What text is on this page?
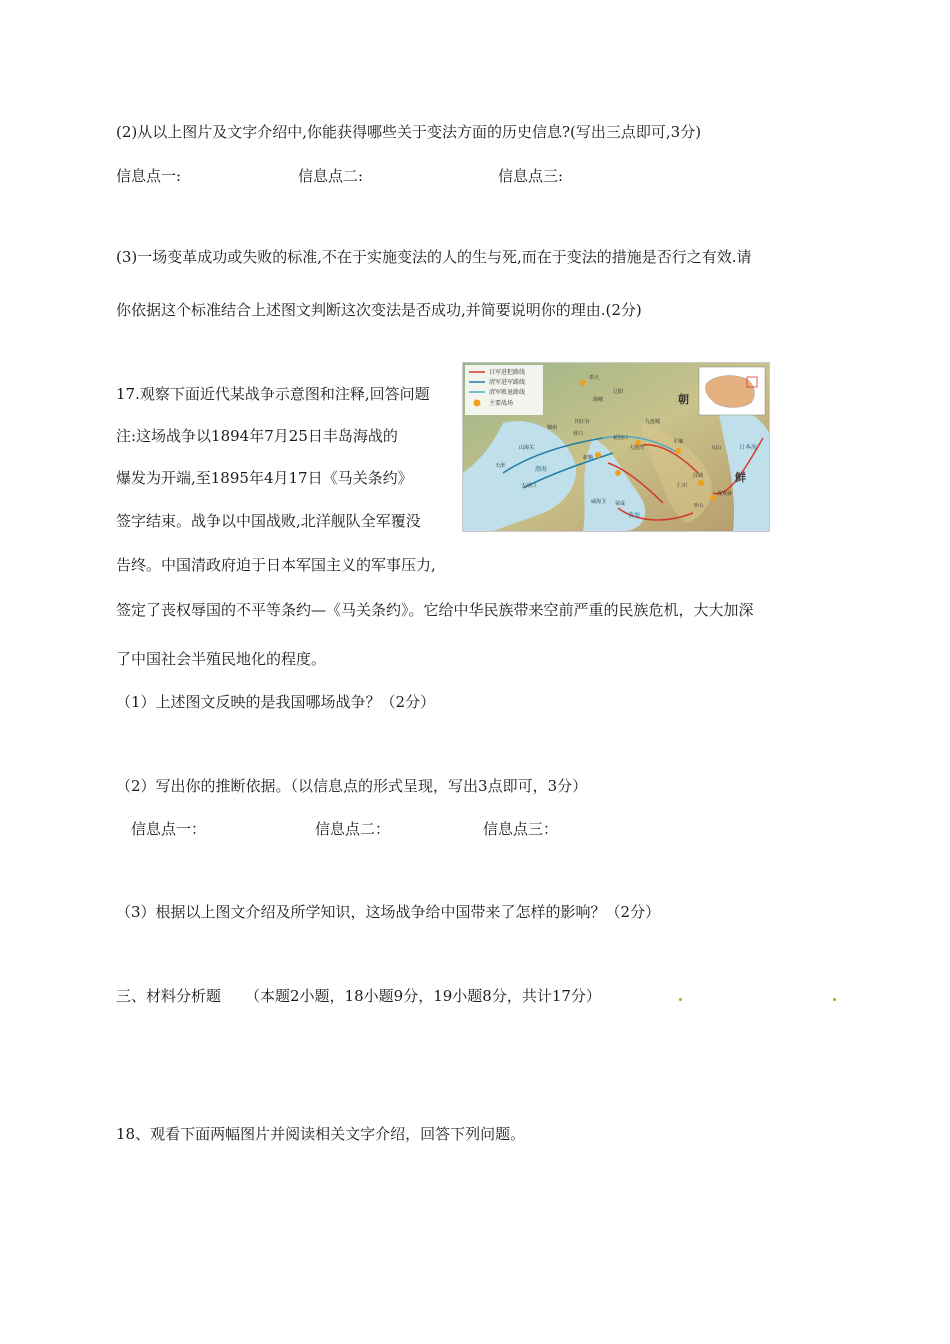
(2)从以上图片及文字介绍中,你能获得哪些关于变法方面的历史信息?(写出三点即可,3分)
信息点一:	信息点二:	信息点三:
(3)一场变革成功或失败的标准,不在于实施变法的人的生与死,而在于变法的措施是否行之有效.请
你依据这个标准结合上述图文判断这次变法是否成功,并简要说明你的理由.(2分)
17.观察下面近代某战争示意图和注释,回答问题
注:这场战争以1894年7月25日丰岛海战的
爆发为开端,至1895年4月17日《马关条约》
签字结束。战争以中国战败,北洋舰队全军覆没
告终。中国清政府迫于日本军国主义的军事压力,
签定了丧权辱国的不平等条约—《马关条约》。它给中华民族带来空前严重的民族危机，大大加深
了中国社会半殖民地化的程度。
日军进犯路线
清军进军路线
清军败退路线
主要战场	朝
鲜
渤海
黄海
日本海
奉天
海城
辽阳
九连城
平壤
汉城
仁川
牙山
成欢驿
天津
大沽口
旅顺
威海卫 荣成
山海关
营口
田庄台
花园口
大连湾	元山
锦州
（1）上述图文反映的是我国哪场战争？（2分）
（2）写出你的推断依据。（以信息点的形式呈现，写出3点即可，3分）
信息点一：	信息点二：	信息点三：
（3）根据以上图文介绍及所学知识，这场战争给中国带来了怎样的影响？（2分）
三、材料分析题 （本题2小题，18小题9分，19小题8分，共计17分）
18、观看下面两幅图片并阅读相关文字介绍，回答下列问题。
